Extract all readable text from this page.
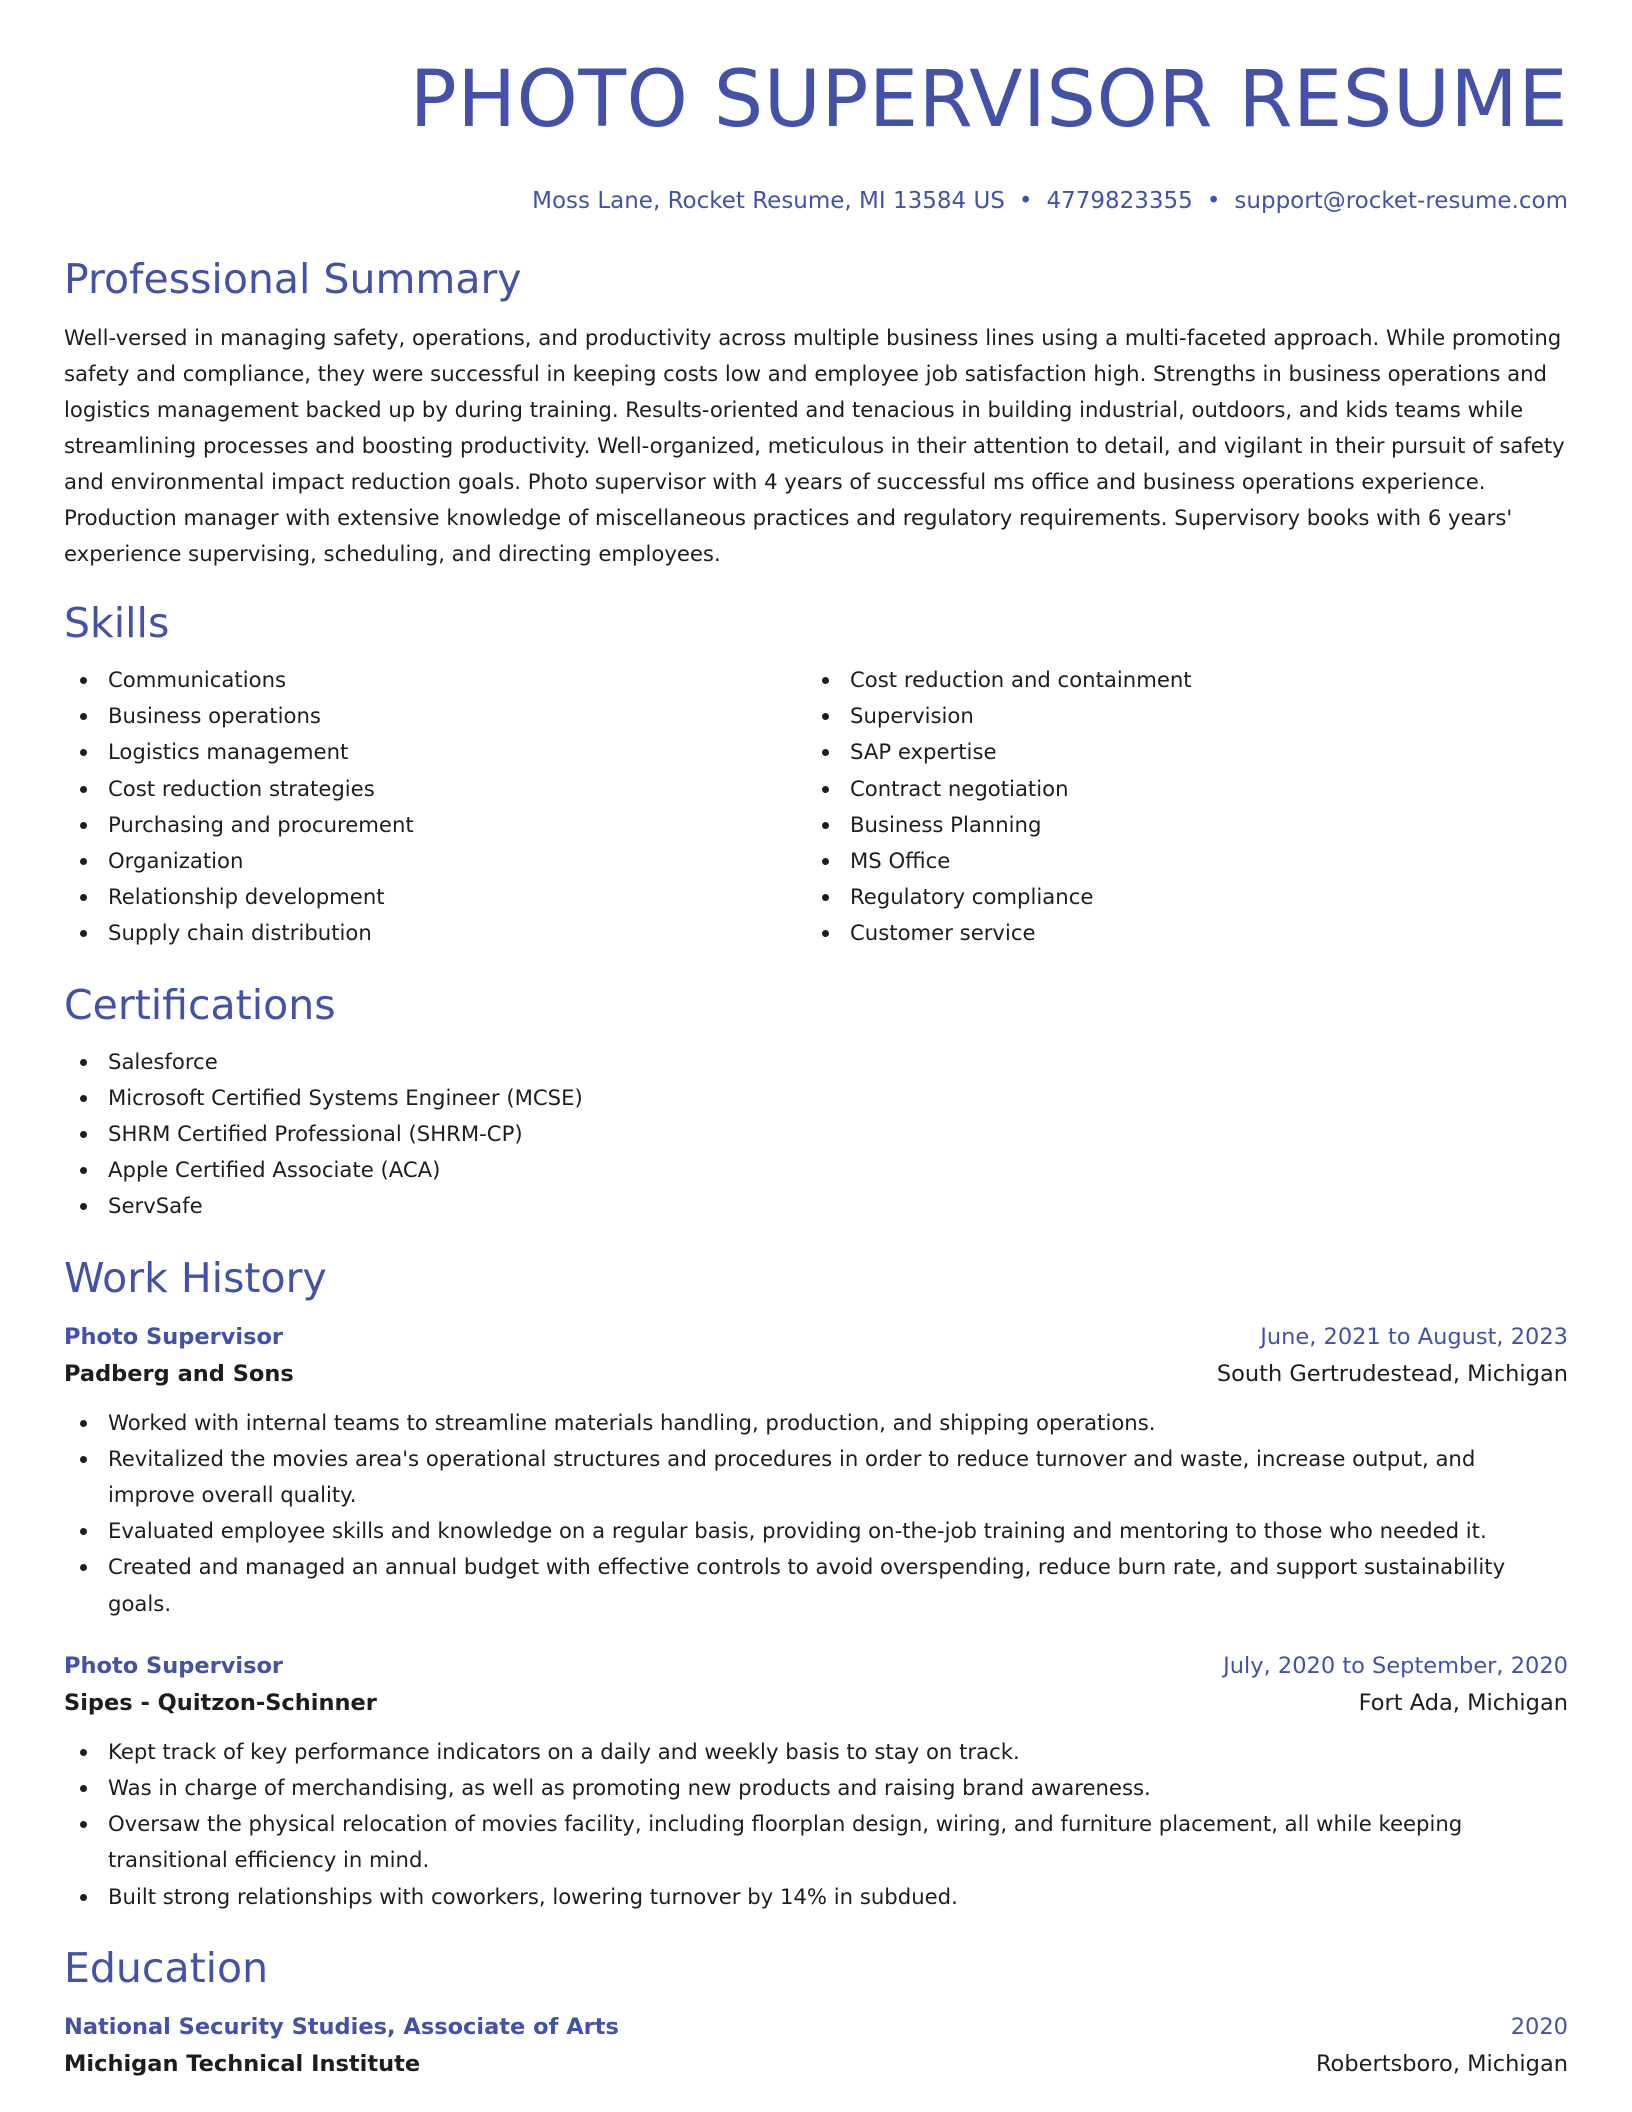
PHOTO SUPERVISOR RESUME
Moss Lane, Rocket Resume, MI 13584 US • 4779823355 • support@rocket-resume.com
Professional Summary

Well-versed in managing safety, operations, and productivity across multiple business lines using a multi-faceted approach. While promoting safety and compliance, they were successful in keeping costs low and employee job satisfaction high. Strengths in business operations and logistics management backed up by during training. Results-oriented and tenacious in building industrial, outdoors, and kids teams while streamlining processes and boosting productivity. Well-organized, meticulous in their attention to detail, and vigilant in their pursuit of safety and environmental impact reduction goals. Photo supervisor with 4 years of successful ms office and business operations experience. Production manager with extensive knowledge of miscellaneous practices and regulatory requirements. Supervisory books with 6 years' experience supervising, scheduling, and directing employees.

Skills
Communications
Business operations
Logistics management
Cost reduction strategies
Purchasing and procurement
Organization
Relationship development
Supply chain distribution
Cost reduction and containment
Supervision
SAP expertise
Contract negotiation
Business Planning
MS Office
Regulatory compliance
Customer service
Certifications
Salesforce
Microsoft Certified Systems Engineer (MCSE)
SHRM Certified Professional (SHRM-CP)
Apple Certified Associate (ACA)
ServSafe
Work History
Photo Supervisor	June, 2021 to August, 2023
Padberg and Sons	South Gertrudestead, Michigan
Worked with internal teams to streamline materials handling, production, and shipping operations.
Revitalized the movies area's operational structures and procedures in order to reduce turnover and waste, increase output, and improve overall quality.
Evaluated employee skills and knowledge on a regular basis, providing on-the-job training and mentoring to those who needed it.
Created and managed an annual budget with effective controls to avoid overspending, reduce burn rate, and support sustainability goals.
Photo Supervisor	July, 2020 to September, 2020
Sipes - Quitzon-Schinner	Fort Ada, Michigan
Kept track of key performance indicators on a daily and weekly basis to stay on track.
Was in charge of merchandising, as well as promoting new products and raising brand awareness.
Oversaw the physical relocation of movies facility, including floorplan design, wiring, and furniture placement, all while keeping transitional efficiency in mind.
Built strong relationships with coworkers, lowering turnover by 14% in subdued.
Education
National Security Studies, Associate of Arts	2020
Michigan Technical Institute	Robertsboro, Michigan
